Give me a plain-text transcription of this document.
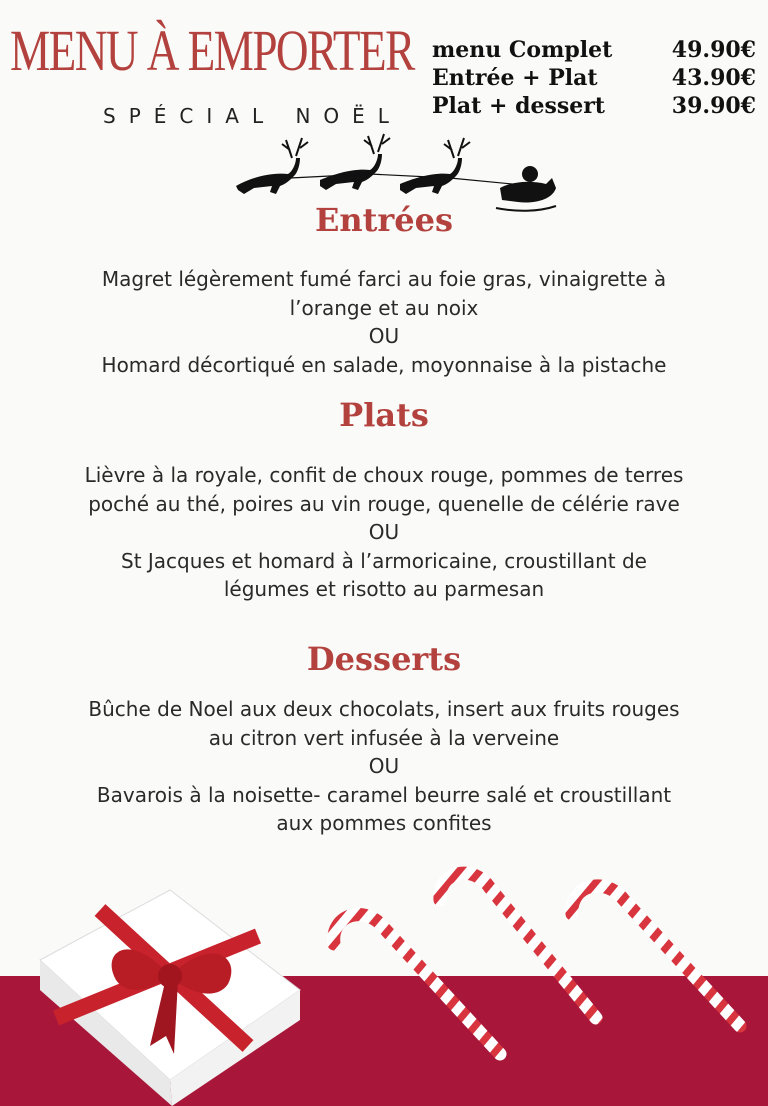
MENU À EMPORTER
SPÉCIAL NOËL
menu Complet	49.90€
Entrée + Plat	43.90€
Plat + dessert	39.90€
Entrées
Magret légèrement fumé farci au foie gras, vinaigrette à
l’orange et au noix
OU
Homard décortiqué en salade, moyonnaise à la pistache
Plats
Lièvre à la royale, confit de choux rouge, pommes de terres
poché au thé, poires au vin rouge, quenelle de célérie rave
OU
St Jacques et homard à l’armoricaine, croustillant de
légumes et risotto au parmesan
Desserts
Bûche de Noel aux deux chocolats, insert aux fruits rouges
au citron vert infusée à la verveine
OU
Bavarois à la noisette- caramel beurre salé et croustillant
aux pommes confites
